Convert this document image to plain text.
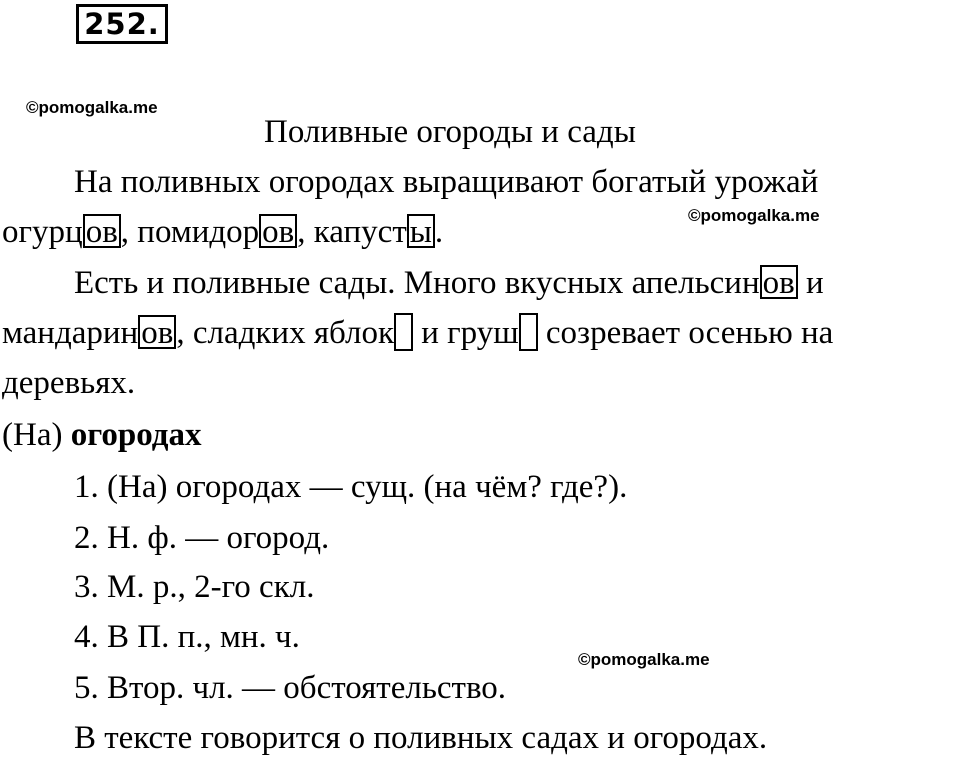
252.
©pomogalka.me
©pomogalka.me
©pomogalka.me
Поливные огороды и сады
На поливных огородах выращивают богатый урожай
огурцов, помидоров, капусты.
Есть и поливные сады. Много вкусных апельсинов и
мандаринов, сладких яблок и груш созревает осенью на
деревьях.
(На) огородах
1. (На) огородах — сущ. (на чём? где?).
2. Н. ф. — огород.
3. М. р., 2-го скл.
4. В П. п., мн. ч.
5. Втор. чл. — обстоятельство.
В тексте говорится о поливных садах и огородах.
